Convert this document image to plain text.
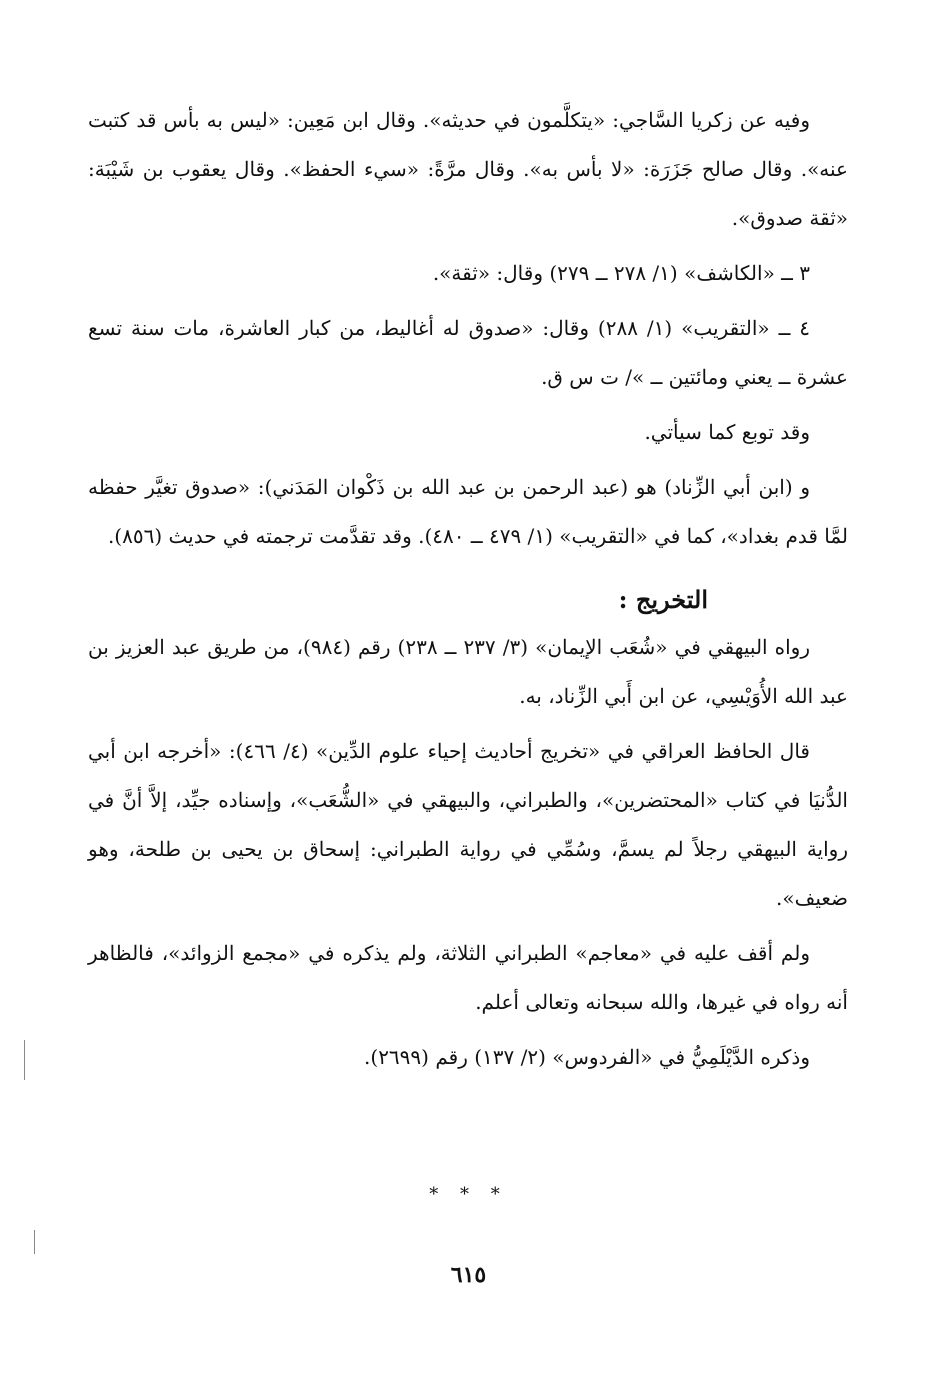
وفيه عن زكريا السَّاجي: «يتكلَّمون في حديثه». وقال ابن مَعِين: «ليس به بأس قد كتبت عنه». وقال صالح جَزَرَة: «لا بأس به». وقال مرَّةً: «سيء الحفظ». وقال يعقوب بن شَيْبَة: «ثقة صدوق».

٣ ــ «الكاشف» (١/ ٢٧٨ ــ ٢٧٩) وقال: «ثقة».

٤ ــ «التقريب» (١/ ٢٨٨) وقال: «صدوق له أغاليط، من كبار العاشرة، مات سنة تسع عشرة ــ يعني ومائتين ــ »/ ت س ق.

وقد توبع كما سيأتي.

و (ابن أبي الزِّناد) هو (عبد الرحمن بن عبد الله بن ذَكْوان المَدَني): «صدوق تغيَّر حفظه لمَّا قدم بغداد»، كما في «التقريب» (١/ ٤٧٩ ــ ٤٨٠). وقد تقدَّمت ترجمته في حديث (٨٥٦).

التخريج :

رواه البيهقي في «شُعَب الإيمان» (٣/ ٢٣٧ ــ ٢٣٨) رقم (٩٨٤)، من طريق عبد العزيز بن عبد الله الأُوَيْسِي، عن ابن أَبي الزِّناد، به.

قال الحافظ العراقي في «تخريج أحاديث إحياء علوم الدِّين» (٤/ ٤٦٦): «أخرجه ابن أبي الدُّنيَا في كتاب «المحتضرين»، والطبراني، والبيهقي في «الشُّعَب»، وإسناده جيِّد، إلاَّ أنَّ في رواية البيهقي رجلاً لم يسمَّ، وسُمِّي في رواية الطبراني: إسحاق بن يحيى بن طلحة، وهو ضعيف».

ولم أقف عليه في «معاجم» الطبراني الثلاثة، ولم يذكره في «مجمع الزوائد»، فالظاهر أنه رواه في غيرها، والله سبحانه وتعالى أعلم.

وذكره الدَّيْلَمِيُّ في «الفردوس» (٢/ ١٣٧) رقم (٢٦٩٩).

* * *
٦١٥
